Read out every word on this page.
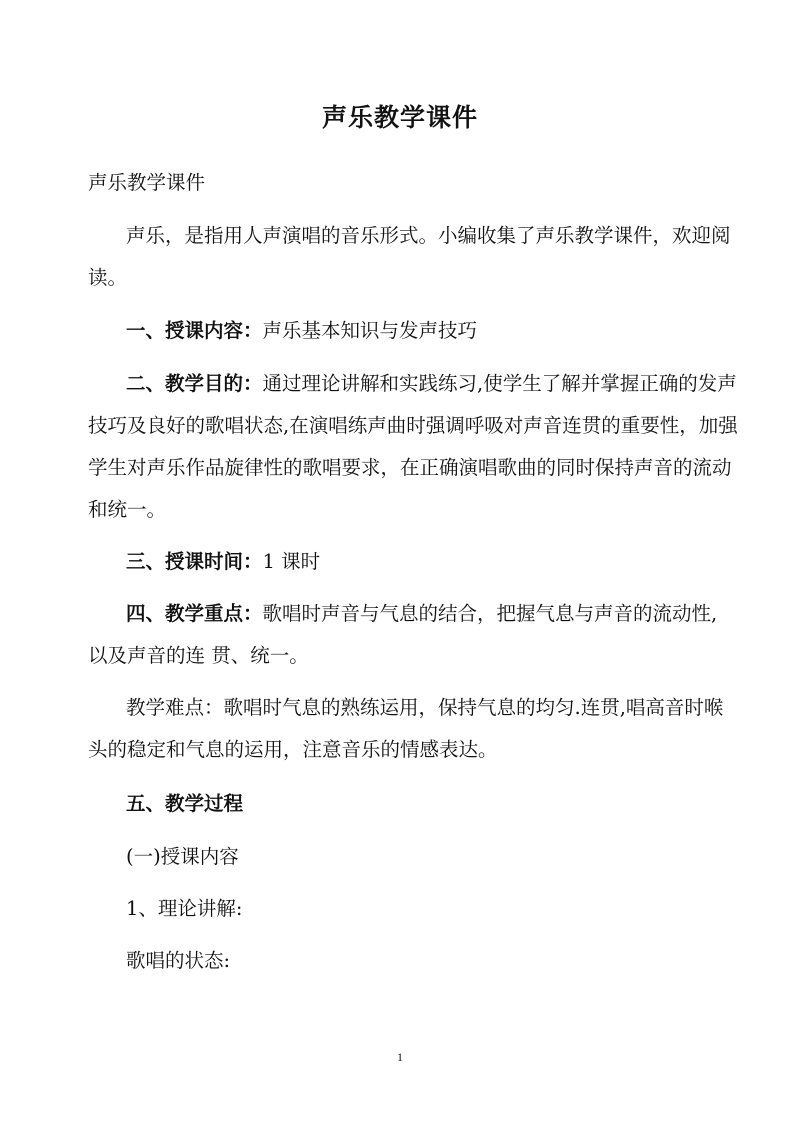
声乐教学课件
声乐教学课件
声乐，是指用人声演唱的音乐形式。小编收集了声乐教学课件，欢迎阅
读。
一、授课内容：声乐基本知识与发声技巧
二、教学目的：通过理论讲解和实践练习,使学生了解并掌握正确的发声
技巧及良好的歌唱状态,在演唱练声曲时强调呼吸对声音连贯的重要性，加强
学生对声乐作品旋律性的歌唱要求，在正确演唱歌曲的同时保持声音的流动
和统一。
三、授课时间：1 课时
四、教学重点：歌唱时声音与气息的结合，把握气息与声音的流动性,
以及声音的连 贯、统一。
教学难点：歌唱时气息的熟练运用，保持气息的均匀.连贯,唱高音时喉
头的稳定和气息的运用，注意音乐的情感表达。
五、教学过程
(一)授课内容
1、理论讲解:
歌唱的状态:
1
